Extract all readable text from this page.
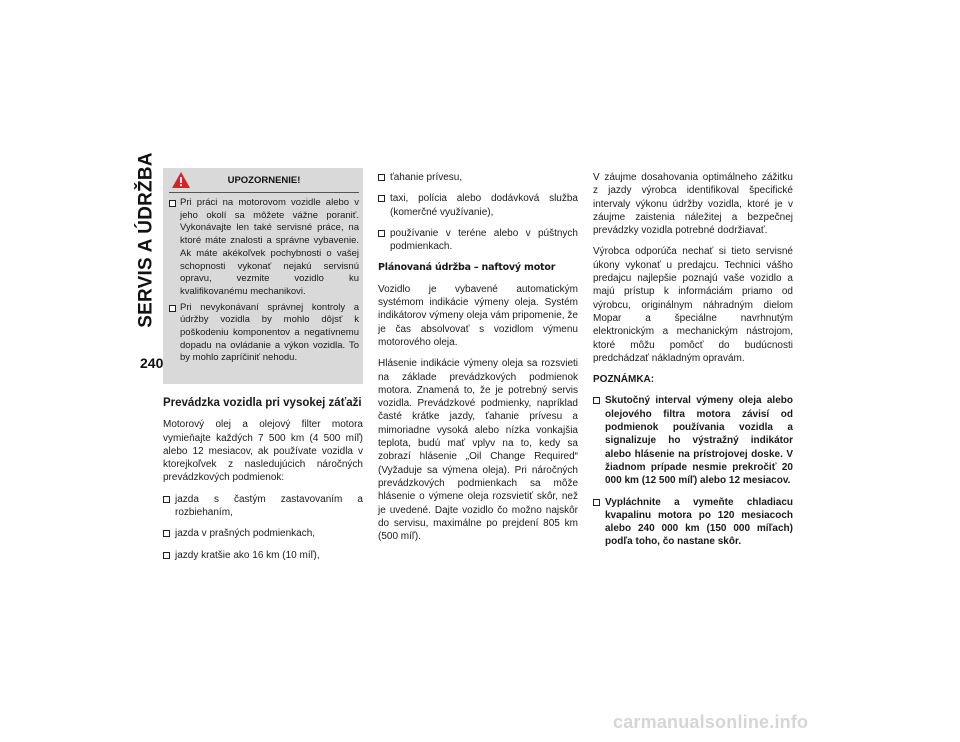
SERVIS A ÚDRŽBA
240
UPOZORNENIE!
Pri práci na motorovom vozidle alebo v jeho okolí sa môžete vážne poraniť. Vykonávajte len také servisné práce, na ktoré máte znalosti a správne vybavenie. Ak máte akékoľvek pochybnosti o vašej schopnosti vykonať nejakú servisnú opravu, vezmite vozidlo ku kvalifikovanému mechanikovi.
Pri nevykonávaní správnej kontroly a údržby vozidla by mohlo dôjsť k poškodeniu komponentov a negatívnemu dopadu na ovládanie a výkon vozidla. To by mohlo zapríčiniť nehodu.
Prevádzka vozidla pri vysokej záťaži

Motorový olej a olejový filter motora vymieňajte každých 7 500 km (4 500 míľ) alebo 12 mesiacov, ak používate vozidla v ktorejkoľvek z nasledujúcich náročných prevádzkových podmienok:

jazda s častým zastavovaním a rozbiehaním,
jazda v prašných podmienkach,
jazdy kratšie ako 16 km (10 míľ),
ťahanie prívesu,
taxi, polícia alebo dodávková služba (komerčné využívanie),
používanie v teréne alebo v púštnych podmienkach.
Plánovaná údržba – naftový motor

Vozidlo je vybavené automatickým systémom indikácie výmeny oleja. Systém indikátorov výmeny oleja vám pripomenie, že je čas absolvovať s vozidlom výmenu motorového oleja.

Hlásenie indikácie výmeny oleja sa rozsvieti na základe prevádzkových podmienok motora. Znamená to, že je potrebný servis vozidla. Prevádzkové podmienky, napríklad časté krátke jazdy, ťahanie prívesu a mimoriadne vysoká alebo nízka vonkajšia teplota, budú mať vplyv na to, kedy sa zobrazí hlásenie „Oil Change Required“ (Vyžaduje sa výmena oleja). Pri náročných prevádzkových podmienkach sa môže hlásenie o výmene oleja rozsvietiť skôr, než je uvedené. Dajte vozidlo čo možno najskôr do servisu, maximálne po prejdení 805 km (500 míľ).

V záujme dosahovania optimálneho zážitku z jazdy výrobca identifikoval špecifické intervaly výkonu údržby vozidla, ktoré je v záujme zaistenia náležitej a bezpečnej prevádzky vozidla potrebné dodržiavať.

Výrobca odporúča nechať si tieto servisné úkony vykonať u predajcu. Technici vášho predajcu najlepšie poznajú vaše vozidlo a majú prístup k informáciám priamo od výrobcu, originálnym náhradným dielom Mopar a špeciálne navrhnutým elektronickým a mechanickým nástrojom, ktoré môžu pomôcť do budúcnosti predchádzať nákladným opravám.

POZNÁMKA:
Skutočný interval výmeny oleja alebo olejového filtra motora závisí od podmienok používania vozidla a signalizuje ho výstražný indikátor alebo hlásenie na prístrojovej doske. V žiadnom prípade nesmie prekročiť 20 000 km (12 500 míľ) alebo 12 mesiacov.
Vypláchnite a vymeňte chladiacu kvapalinu motora po 120 mesiacoch alebo 240 000 km (150 000 míľach) podľa toho, čo nastane skôr.
carmanualsonline.info
